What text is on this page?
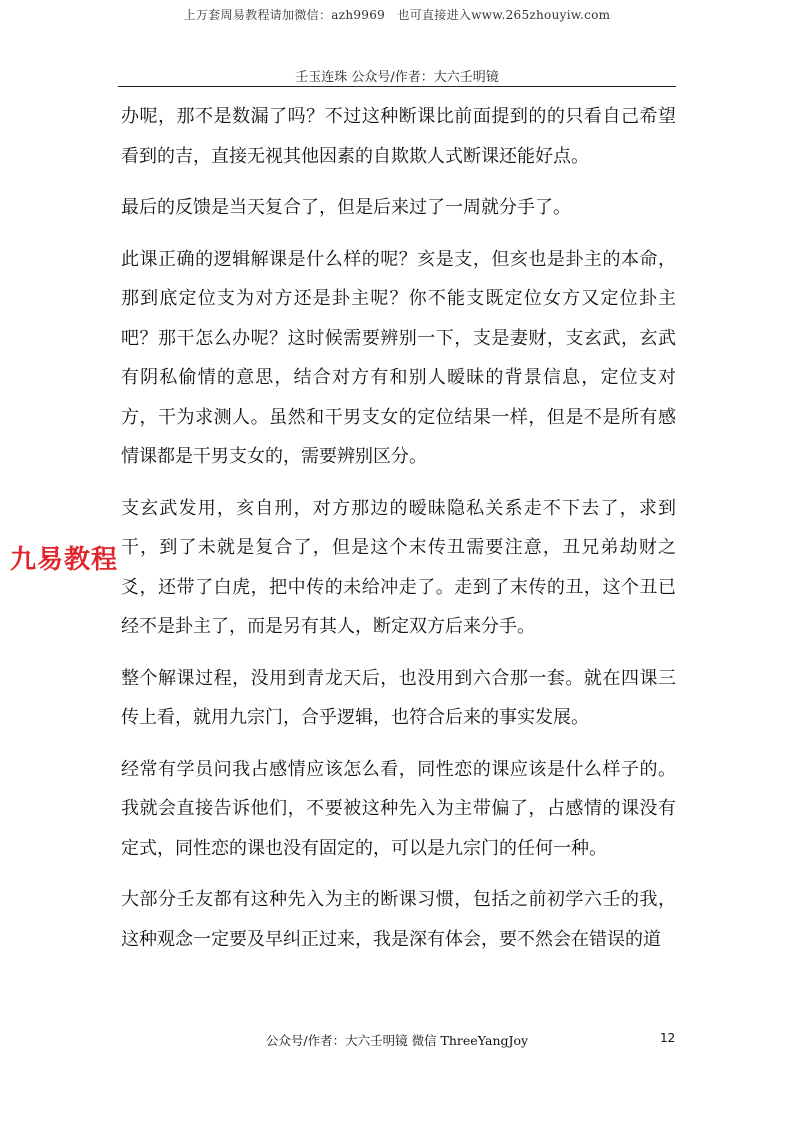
上万套周易教程请加微信：azh9969　也可直接进入www.265zhouyiw.com
壬玉连珠 公众号/作者：大六壬明镜

办呢，那不是数漏了吗？不过这种断课比前面提到的的只看自己希望看到的吉，直接无视其他因素的自欺欺人式断课还能好点。

最后的反馈是当天复合了，但是后来过了一周就分手了。

此课正确的逻辑解课是什么样的呢？亥是支，但亥也是卦主的本命，那到底定位支为对方还是卦主呢？你不能支既定位女方又定位卦主吧？那干怎么办呢？这时候需要辨别一下，支是妻财，支玄武，玄武有阴私偷情的意思，结合对方有和别人暧昧的背景信息，定位支对方，干为求测人。虽然和干男支女的定位结果一样，但是不是所有感情课都是干男支女的，需要辨别区分。

支玄武发用，亥自刑，对方那边的暧昧隐私关系走不下去了，求到干，到了未就是复合了，但是这个末传丑需要注意，丑兄弟劫财之爻，还带了白虎，把中传的未给冲走了。走到了末传的丑，这个丑已经不是卦主了，而是另有其人，断定双方后来分手。

整个解课过程，没用到青龙天后，也没用到六合那一套。就在四课三传上看，就用九宗门，合乎逻辑，也符合后来的事实发展。

经常有学员问我占感情应该怎么看，同性恋的课应该是什么样子的。我就会直接告诉他们，不要被这种先入为主带偏了，占感情的课没有定式，同性恋的课也没有固定的，可以是九宗门的任何一种。

大部分壬友都有这种先入为主的断课习惯，包括之前初学六壬的我，这种观念一定要及早纠正过来，我是深有体会，要不然会在错误的道

九易教程
公众号/作者：大六壬明镜 微信 ThreeYangJoy	12
